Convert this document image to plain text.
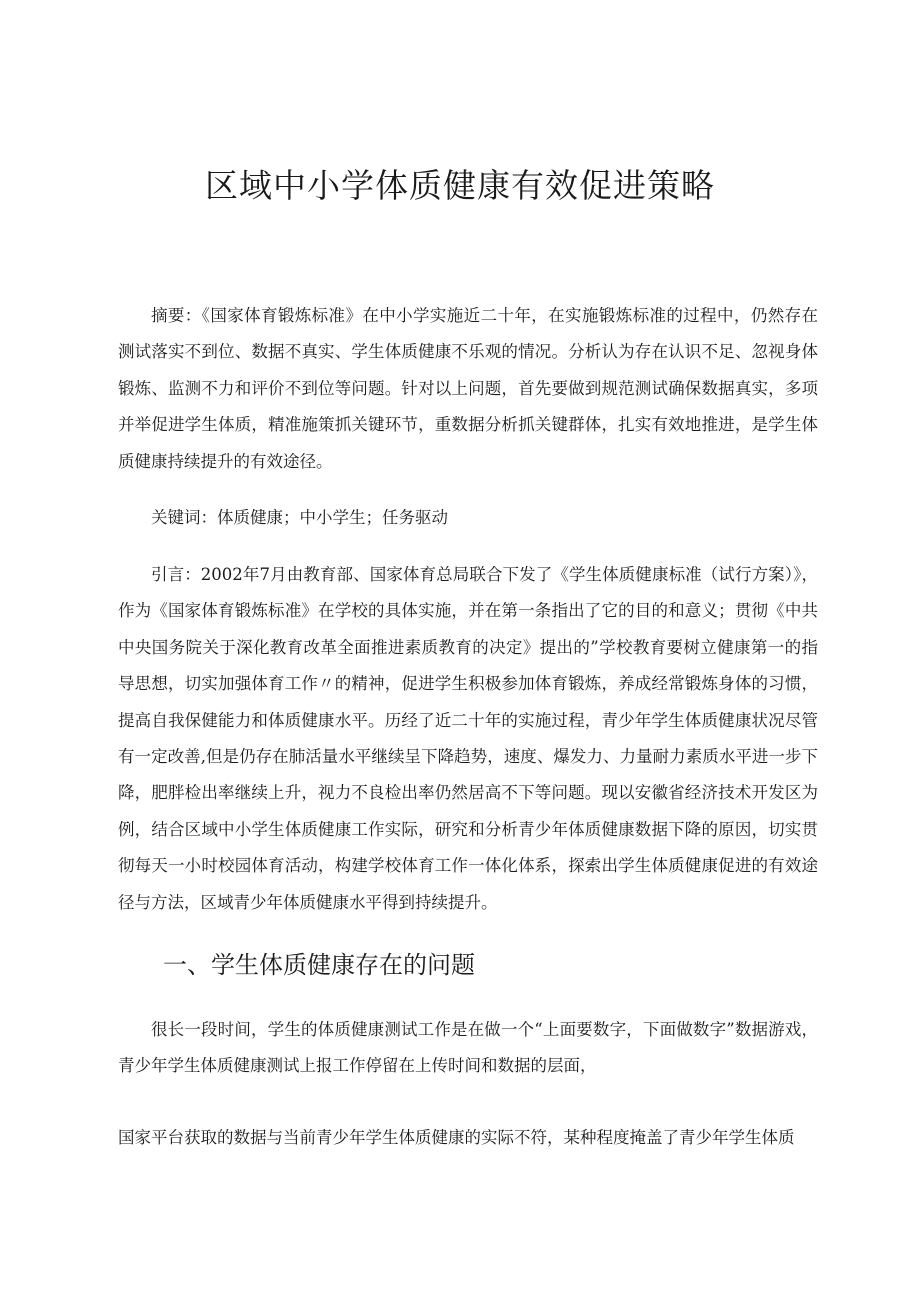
区域中小学体质健康有效促进策略

摘要：《国家体育锻炼标准》在中小学实施近二十年，在实施锻炼标准的过程中，仍然存在测试落实不到位、数据不真实、学生体质健康不乐观的情况。分析认为存在认识不足、忽视身体锻炼、监测不力和评价不到位等问题。针对以上问题，首先要做到规范测试确保数据真实，多项并举促进学生体质，精准施策抓关键环节，重数据分析抓关键群体，扎实有效地推进，是学生体质健康持续提升的有效途径。

关键词：体质健康；中小学生；任务驱动

引言：2002年7月由教育部、国家体育总局联合下发了《学生体质健康标准（试行方案）》，作为《国家体育锻炼标准》在学校的具体实施，并在第一条指出了它的目的和意义；贯彻《中共中央国务院关于深化教育改革全面推进素质教育的决定》提出的”学校教育要树立健康第一的指导思想，切实加强体育工作〃的精神，促进学生积极参加体育锻炼，养成经常锻炼身体的习惯，提高自我保健能力和体质健康水平。历经了近二十年的实施过程，青少年学生体质健康状况尽管有一定改善,但是仍存在肺活量水平继续呈下降趋势，速度、爆发力、力量耐力素质水平进一步下降，肥胖检出率继续上升，视力不良检出率仍然居高不下等问题。现以安徽省经济技术开发区为例，结合区域中小学生体质健康工作实际，研究和分析青少年体质健康数据下降的原因，切实贯彻每天一小时校园体育活动，构建学校体育工作一体化体系，探索出学生体质健康促进的有效途径与方法，区域青少年体质健康水平得到持续提升。

一、学生体质健康存在的问题

很长一段时间，学生的体质健康测试工作是在做一个“上面要数字，下面做数字”数据游戏，青少年学生体质健康测试上报工作停留在上传时间和数据的层面，

国家平台获取的数据与当前青少年学生体质健康的实际不符，某种程度掩盖了青少年学生体质
